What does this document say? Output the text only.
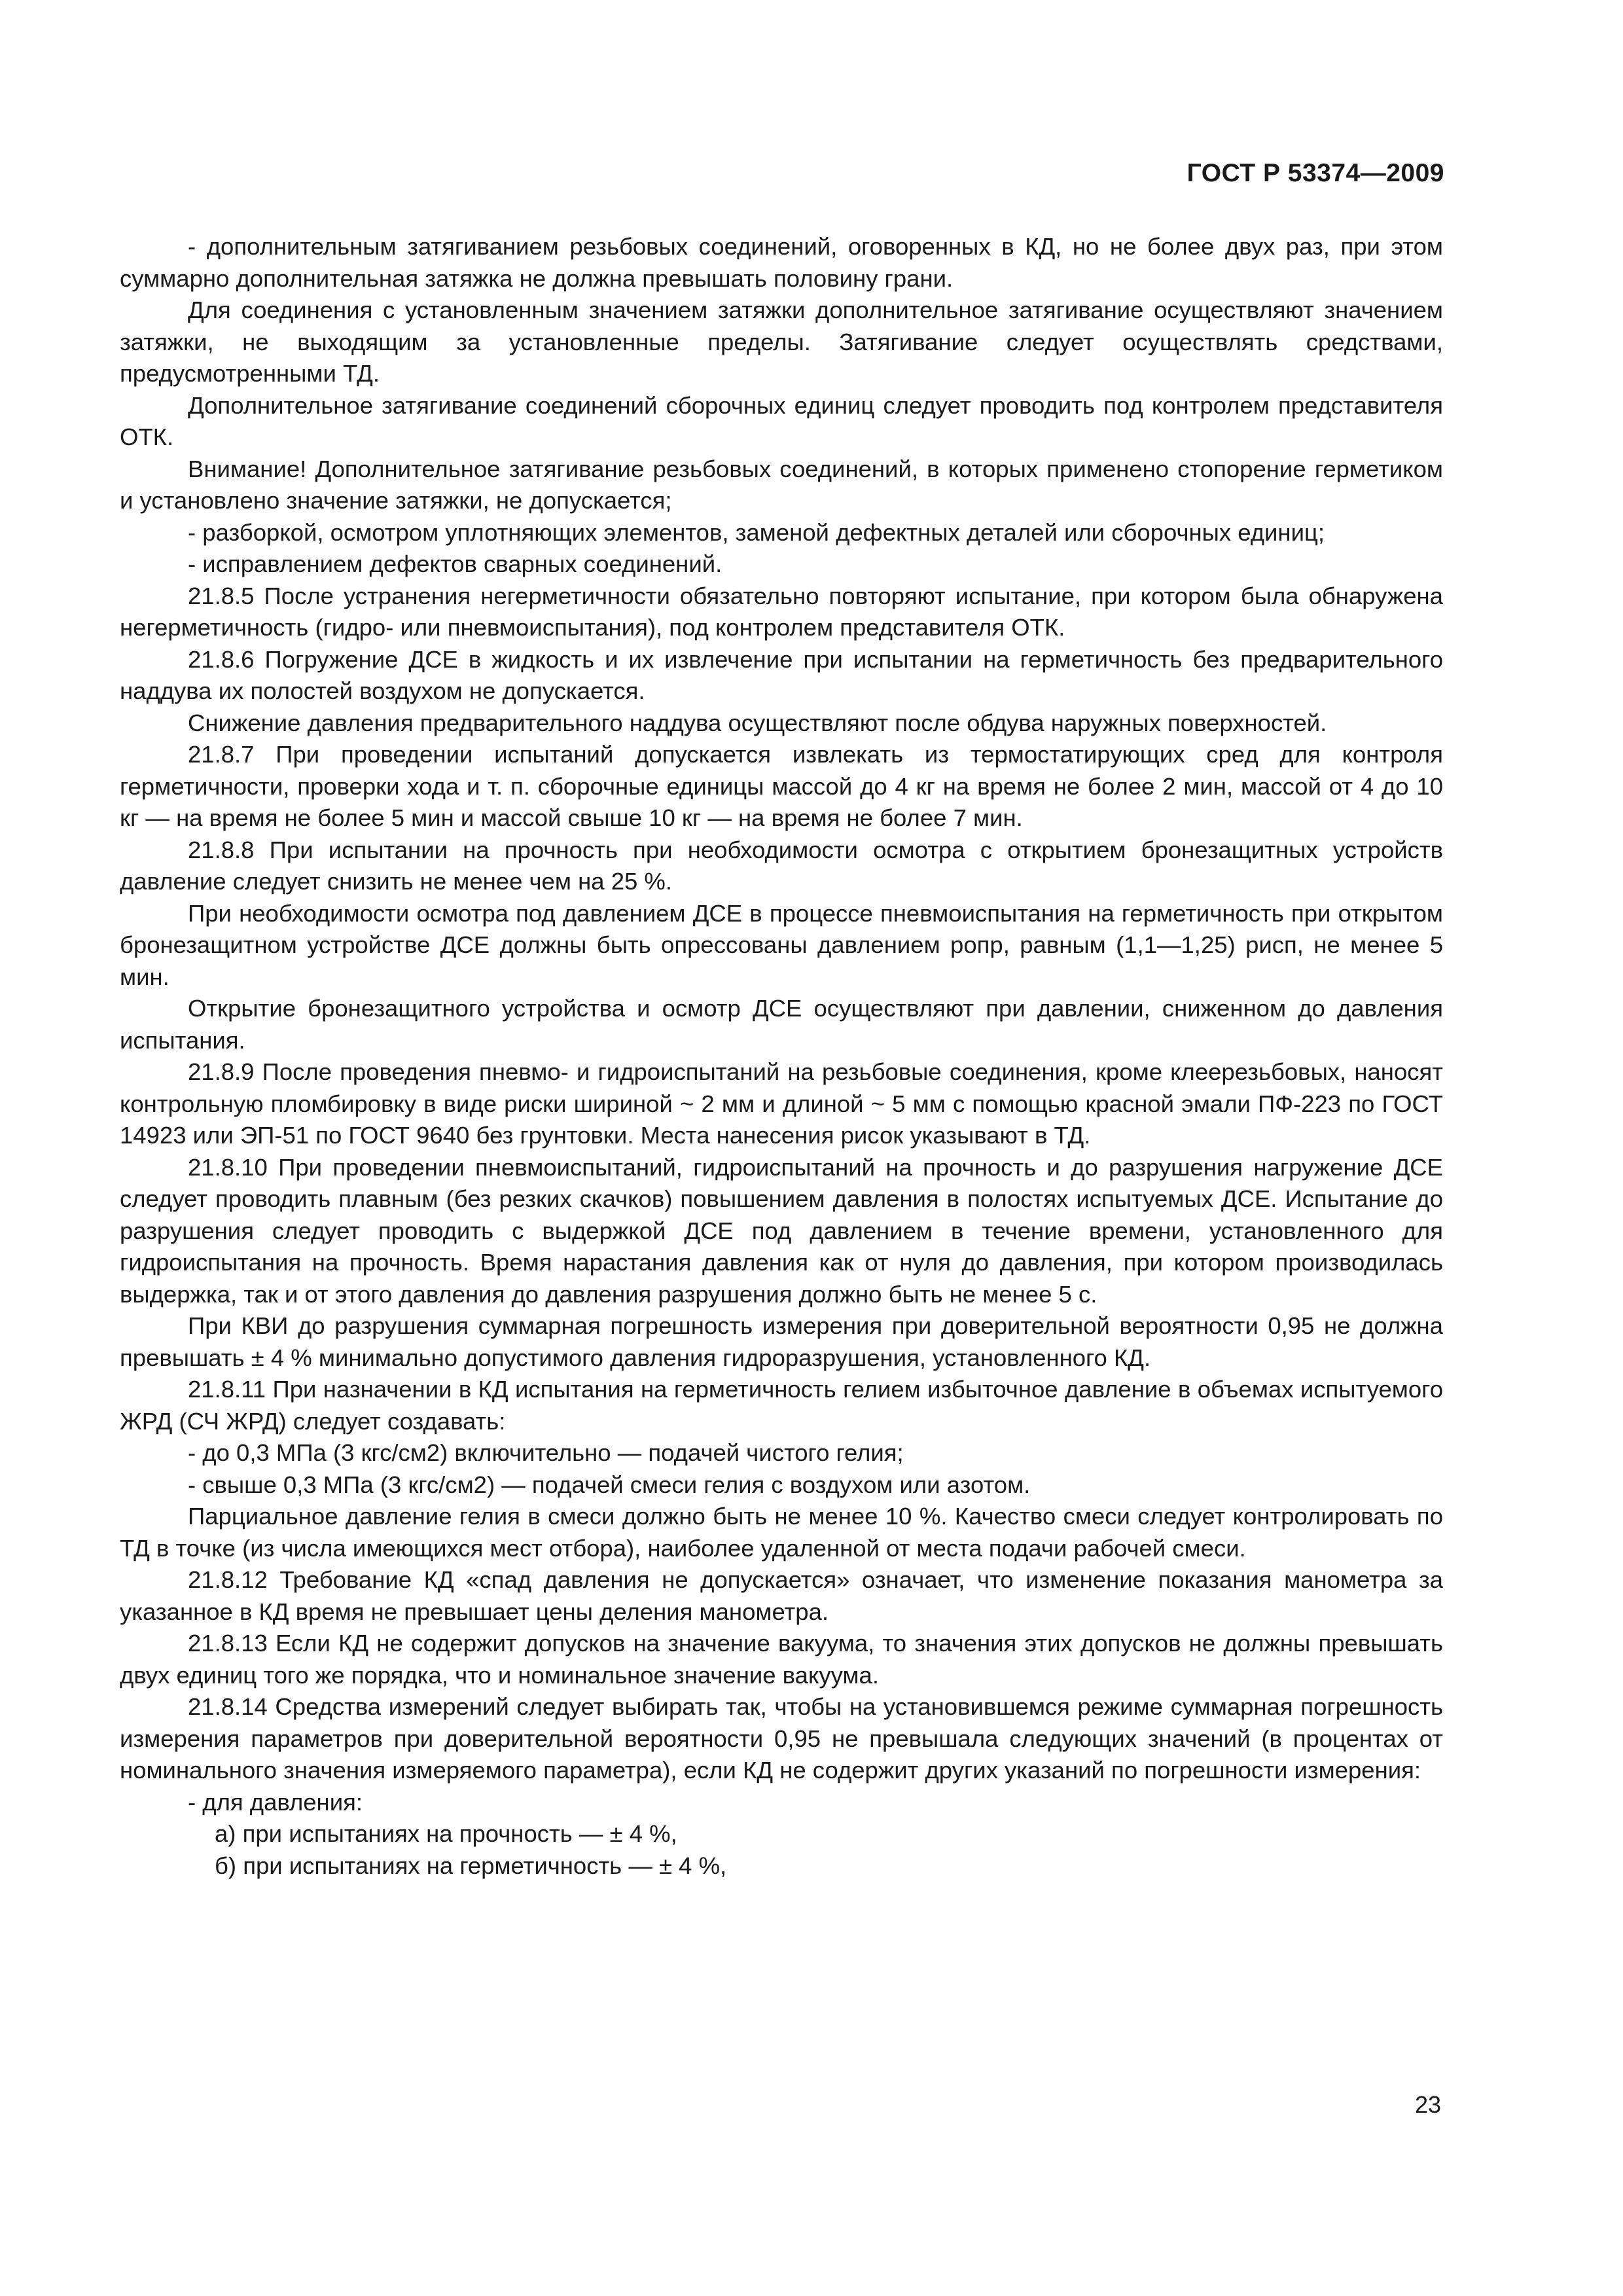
ГОСТ Р 53374—2009

- дополнительным затягиванием резьбовых соединений, оговоренных в КД, но не более двух раз, при этом суммарно дополнительная затяжка не должна превышать половину грани.

Для соединения с установленным значением затяжки дополнительное затягивание осуществляют значением затяжки, не выходящим за установленные пределы. Затягивание следует осуществлять средствами, предусмотренными ТД.

Дополнительное затягивание соединений сборочных единиц следует проводить под контролем представителя ОТК.

Внимание! Дополнительное затягивание резьбовых соединений, в которых применено стопорение герметиком и установлено значение затяжки, не допускается;

- разборкой, осмотром уплотняющих элементов, заменой дефектных деталей или сборочных единиц;

- исправлением дефектов сварных соединений.

21.8.5 После устранения негерметичности обязательно повторяют испытание, при котором была обнаружена негерметичность (гидро- или пневмоиспытания), под контролем представителя ОТК.

21.8.6 Погружение ДСЕ в жидкость и их извлечение при испытании на герметичность без предварительного наддува их полостей воздухом не допускается.

Снижение давления предварительного наддува осуществляют после обдува наружных поверхностей.

21.8.7 При проведении испытаний допускается извлекать из термостатирующих сред для контроля герметичности, проверки хода и т. п. сборочные единицы массой до 4 кг на время не более 2 мин, массой от 4 до 10 кг — на время не более 5 мин и массой свыше 10 кг — на время не более 7 мин.

21.8.8 При испытании на прочность при необходимости осмотра с открытием бронезащитных устройств давление следует снизить не менее чем на 25 %.

При необходимости осмотра под давлением ДСЕ в процессе пневмоиспытания на герметичность при открытом бронезащитном устройстве ДСЕ должны быть опрессованы давлением pопр, равным (1,1—1,25) pисп, не менее 5 мин.

Открытие бронезащитного устройства и осмотр ДСЕ осуществляют при давлении, сниженном до давления испытания.

21.8.9 После проведения пневмо- и гидроиспытаний на резьбовые соединения, кроме клеерезьбовых, наносят контрольную пломбировку в виде риски шириной ~ 2 мм и длиной ~ 5 мм с помощью красной эмали ПФ-223 по ГОСТ 14923 или ЭП-51 по ГОСТ 9640 без грунтовки. Места нанесения рисок указывают в ТД.

21.8.10 При проведении пневмоиспытаний, гидроиспытаний на прочность и до разрушения нагружение ДСЕ следует проводить плавным (без резких скачков) повышением давления в полостях испытуемых ДСЕ. Испытание до разрушения следует проводить с выдержкой ДСЕ под давлением в течение времени, установленного для гидроиспытания на прочность. Время нарастания давления как от нуля до давления, при котором производилась выдержка, так и от этого давления до давления разрушения должно быть не менее 5 с.

При КВИ до разрушения суммарная погрешность измерения при доверительной вероятности 0,95 не должна превышать ± 4 % минимально допустимого давления гидроразрушения, установленного КД.

21.8.11 При назначении в КД испытания на герметичность гелием избыточное давление в объемах испытуемого ЖРД (СЧ ЖРД) следует создавать:

- до 0,3 МПа (3 кгс/см2) включительно — подачей чистого гелия;

- свыше 0,3 МПа (3 кгс/см2) — подачей смеси гелия с воздухом или азотом.

Парциальное давление гелия в смеси должно быть не менее 10 %. Качество смеси следует контролировать по ТД в точке (из числа имеющихся мест отбора), наиболее удаленной от места подачи рабочей смеси.

21.8.12 Требование КД «спад давления не допускается» означает, что изменение показания манометра за указанное в КД время не превышает цены деления манометра.

21.8.13 Если КД не содержит допусков на значение вакуума, то значения этих допусков не должны превышать двух единиц того же порядка, что и номинальное значение вакуума.

21.8.14 Средства измерений следует выбирать так, чтобы на установившемся режиме суммарная погрешность измерения параметров при доверительной вероятности 0,95 не превышала следующих значений (в процентах от номинального значения измеряемого параметра), если КД не содержит других указаний по погрешности измерения:

- для давления:

а) при испытаниях на прочность — ± 4 %,

б) при испытаниях на герметичность — ± 4 %,

23
